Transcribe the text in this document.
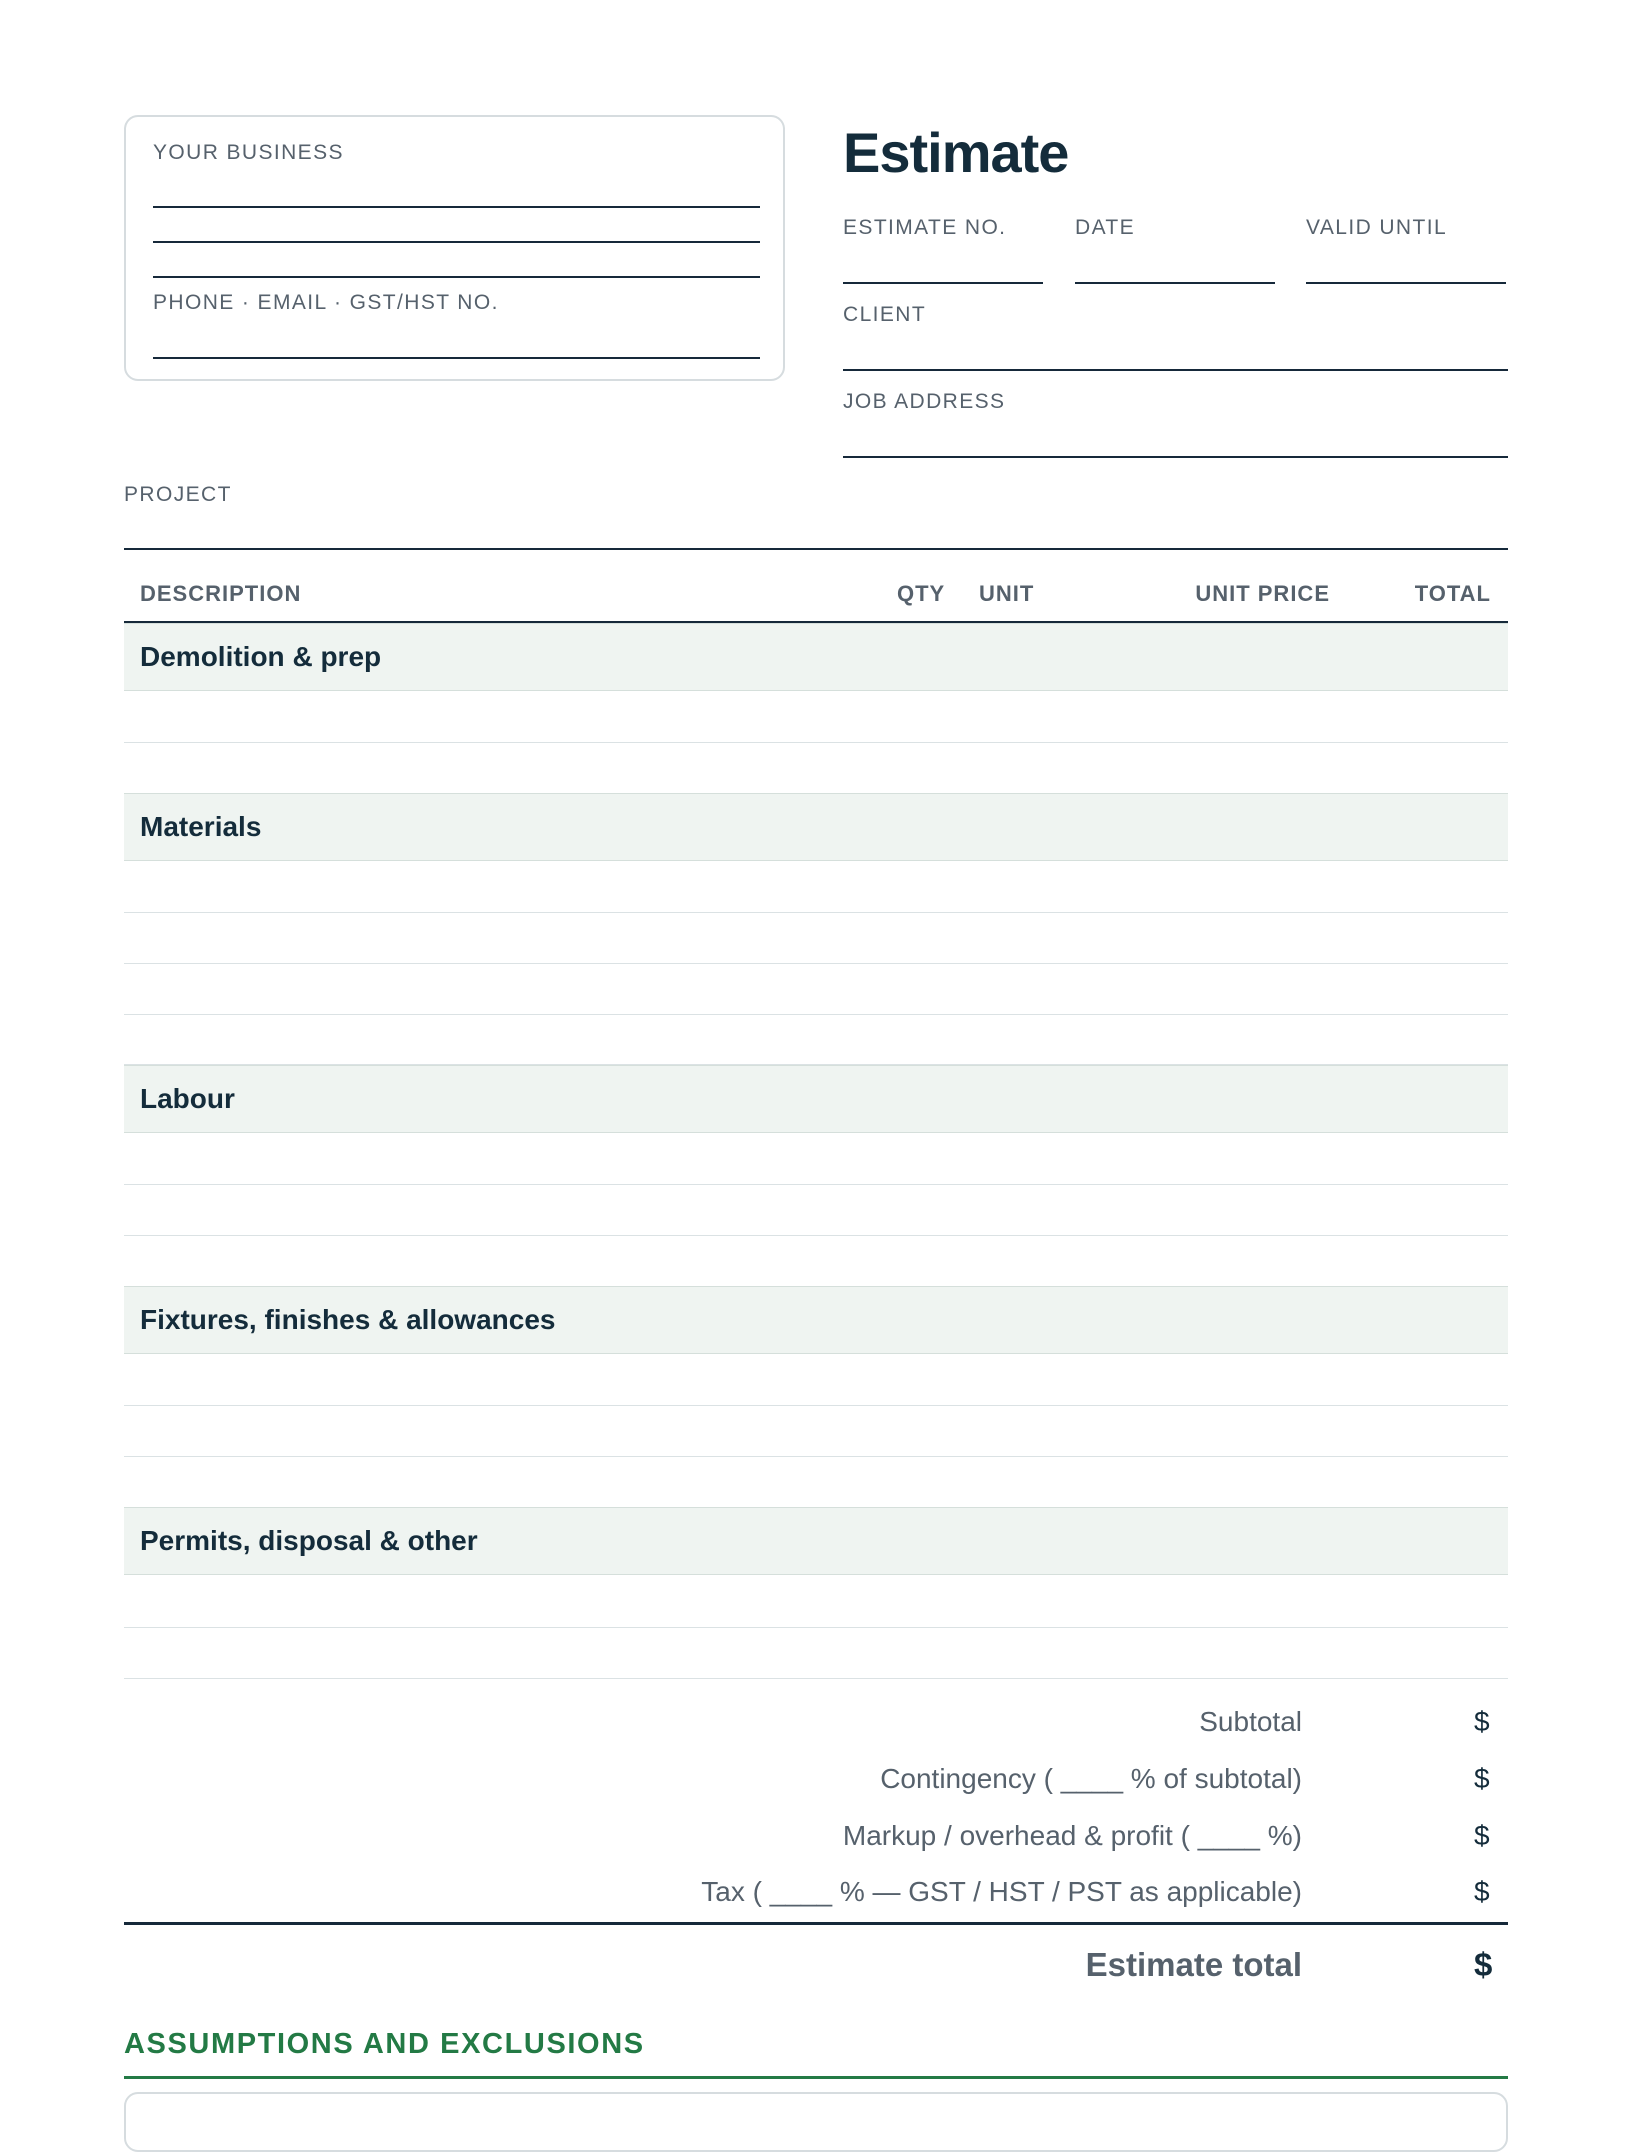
YOUR BUSINESS
PHONE · EMAIL · GST/HST NO.
Estimate
ESTIMATE NO.	DATE	VALID UNTIL
CLIENT
JOB ADDRESS
PROJECT
DESCRIPTION	QTY UNIT	UNIT PRICE	TOTAL
Demolition & prep
Materials
Labour
Fixtures, finishes & allowances
Permits, disposal & other
Subtotal	$
Contingency ( ____ % of subtotal)	$
Markup / overhead & profit ( ____ %)	$
Tax ( ____ % — GST / HST / PST as applicable)	$
Estimate total	$
ASSUMPTIONS AND EXCLUSIONS
